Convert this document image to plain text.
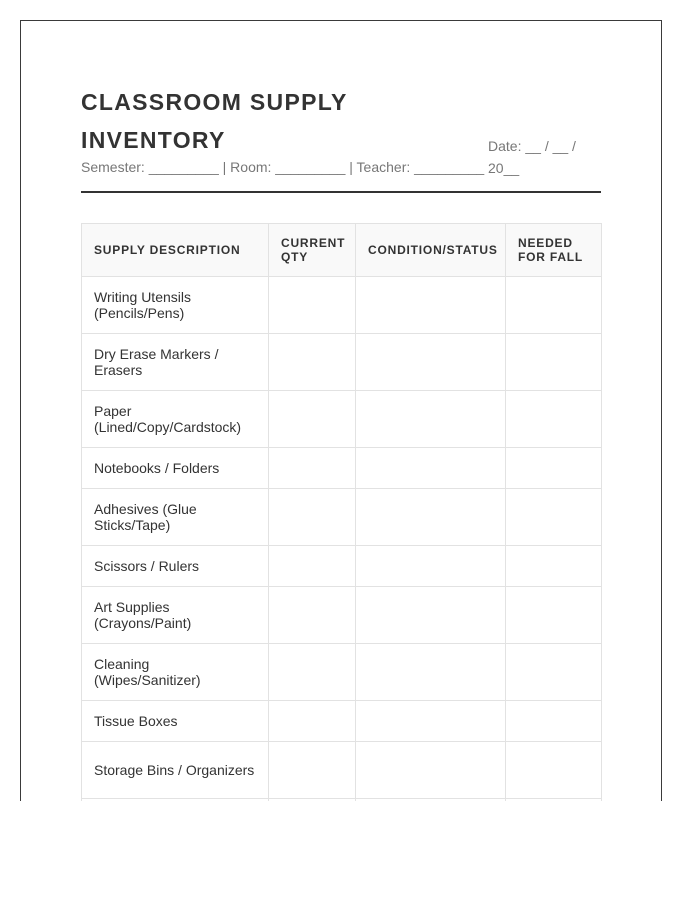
CLASSROOM SUPPLY INVENTORY
Semester: _________ | Room: _________ | Teacher: _________
Date: __ / __ /
20__
SUPPLY DESCRIPTION	CURRENT QTY	CONDITION/STATUS	NEEDED FOR FALL
Writing Utensils (Pencils/Pens)			
Dry Erase Markers / Erasers			
Paper (Lined/Copy/Cardstock)			
Notebooks / Folders			
Adhesives (Glue Sticks/Tape)			
Scissors / Rulers			
Art Supplies (Crayons/Paint)			
Cleaning (Wipes/Sanitizer)			
Tissue Boxes			
Storage Bins / Organizers			
